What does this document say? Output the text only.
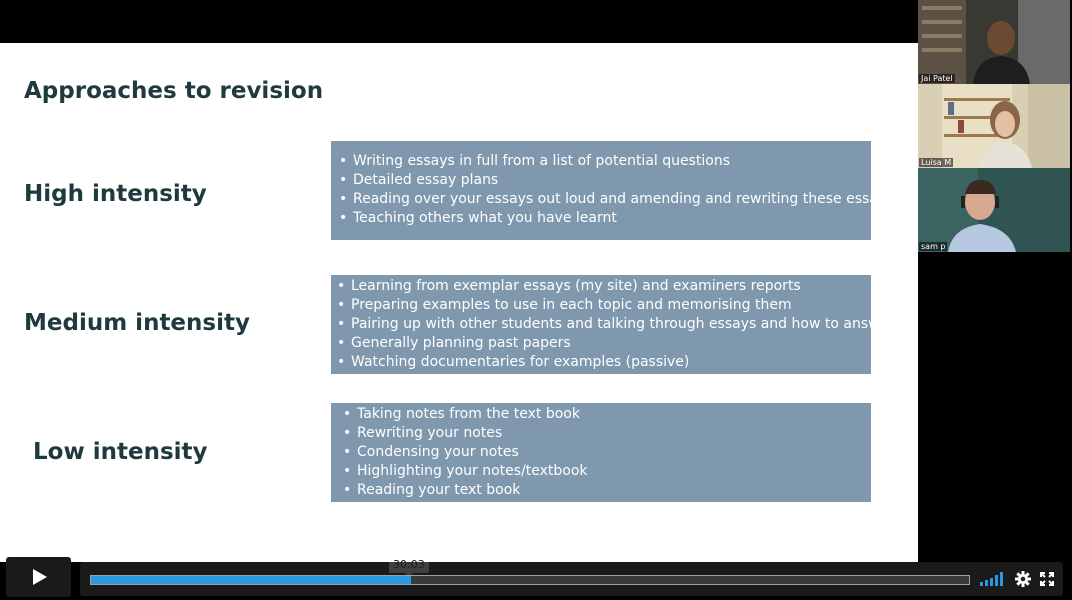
Approaches to revision
High intensity
• Writing essays in full from a list of potential questions
• Detailed essay plans
• Reading over your essays out loud and amending and rewriting these essays
• Teaching others what you have learnt
Medium intensity
• Learning from exemplar essays (my site) and examiners reports
• Preparing examples to use in each topic and memorising them
• Pairing up with other students and talking through essays and how to answer
• Generally planning past papers
• Watching documentaries for examples (passive)
Low intensity
• Taking notes from the text book
• Rewriting your notes
• Condensing your notes
• Highlighting your notes/textbook
• Reading your text book
Jai Patel
Luisa M
sam p
